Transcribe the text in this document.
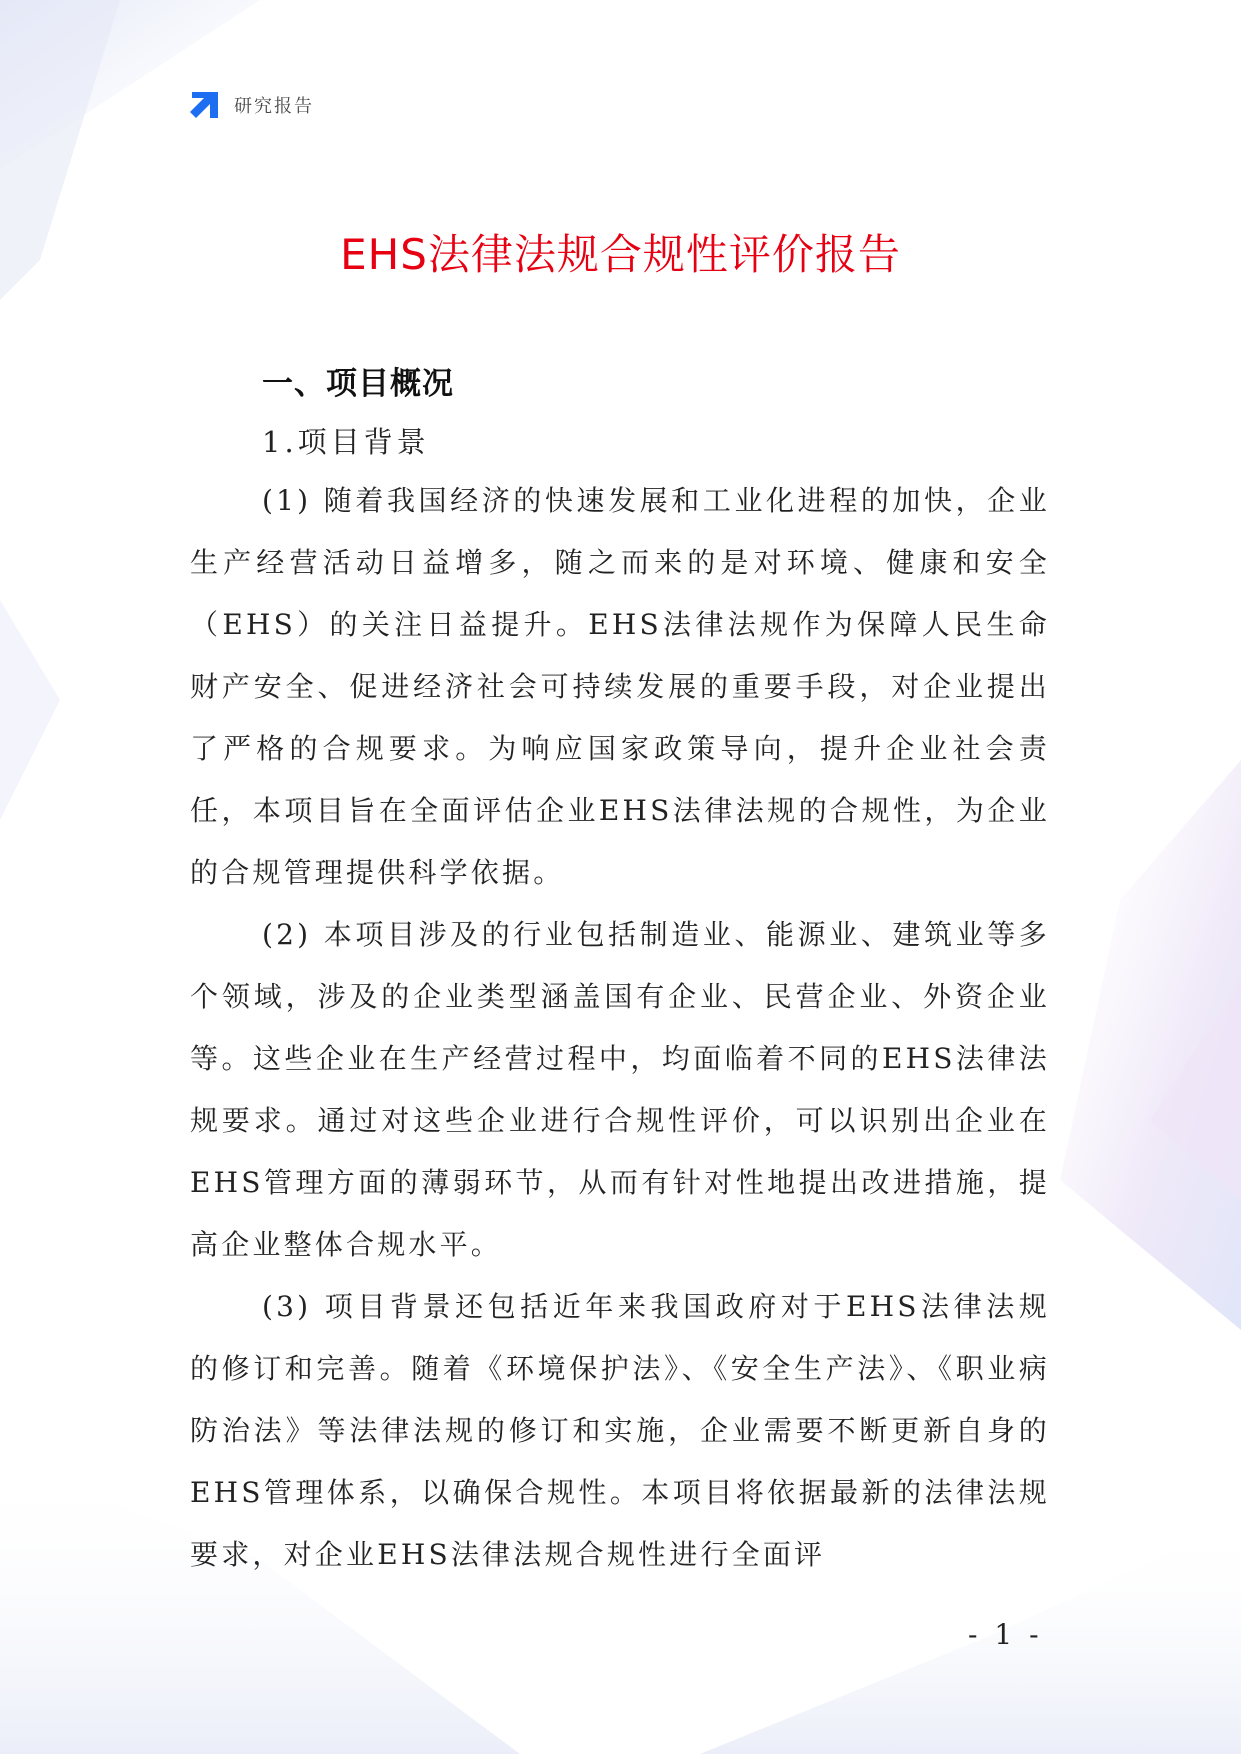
研究报告
EHS法律法规合规性评价报告
一、项目概况
1.项目背景

(1) 随着我国经济的快速发展和工业化进程的加快，企业生产经营活动日益增多，随之而来的是对环境、健康和安全（EHS）的关注日益提升。EHS法律法规作为保障人民生命财产安全、促进经济社会可持续发展的重要手段，对企业提出了严格的合规要求。为响应国家政策导向，提升企业社会责任，本项目旨在全面评估企业EHS法律法规的合规性，为企业的合规管理提供科学依据。

(2) 本项目涉及的行业包括制造业、能源业、建筑业等多个领域，涉及的企业类型涵盖国有企业、民营企业、外资企业等。这些企业在生产经营过程中，均面临着不同的EHS法律法规要求。通过对这些企业进行合规性评价，可以识别出企业在EHS管理方面的薄弱环节，从而有针对性地提出改进措施，提高企业整体合规水平。

(3) 项目背景还包括近年来我国政府对于EHS法律法规的修订和完善。随着《环境保护法》、《安全生产法》、《职业病防治法》等法律法规的修订和实施，企业需要不断更新自身的EHS管理体系，以确保合规性。本项目将依据最新的法律法规要求，对企业EHS法律法规合规性进行全面评

- 1 -
